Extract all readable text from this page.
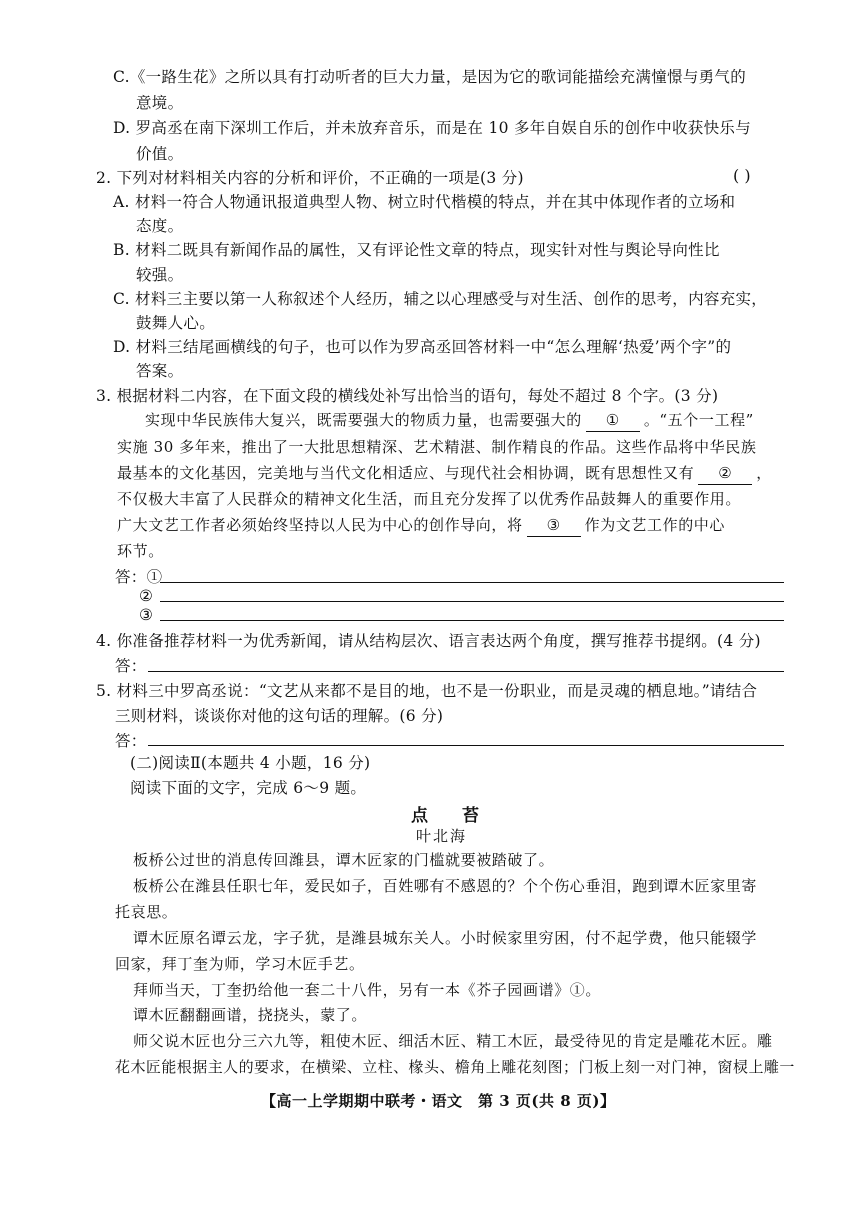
C.《一路生花》之所以具有打动听者的巨大力量，是因为它的歌词能描绘充满憧憬与勇气的
意境。
D. 罗高丞在南下深圳工作后，并未放弃音乐，而是在 10 多年自娱自乐的创作中收获快乐与
价值。
2. 下列对材料相关内容的分析和评价，不正确的一项是(3 分)	( )
A. 材料一符合人物通讯报道典型人物、树立时代楷模的特点，并在其中体现作者的立场和
态度。
B. 材料二既具有新闻作品的属性，又有评论性文章的特点，现实针对性与舆论导向性比
较强。
C. 材料三主要以第一人称叙述个人经历，辅之以心理感受与对生活、创作的思考，内容充实，
鼓舞人心。
D. 材料三结尾画横线的句子，也可以作为罗高丞回答材料一中“怎么理解‘热爱’两个字”的
答案。
3. 根据材料二内容，在下面文段的横线处补写出恰当的语句，每处不超过 8 个字。(3 分)
实现中华民族伟大复兴，既需要强大的物质力量，也需要强大的 ① 。“五个一工程”
实施 30 多年来，推出了一大批思想精深、艺术精湛、制作精良的作品。这些作品将中华民族
最基本的文化基因，完美地与当代文化相适应、与现代社会相协调，既有思想性又有 ② ，
不仅极大丰富了人民群众的精神文化生活，而且充分发挥了以优秀作品鼓舞人的重要作用。
广大文艺工作者必须始终坚持以人民为中心的创作导向，将 ③ 作为文艺工作的中心
环节。
答：①
②
③
4. 你准备推荐材料一为优秀新闻，请从结构层次、语言表达两个角度，撰写推荐书提纲。(4 分)
答：
5. 材料三中罗高丞说：“文艺从来都不是目的地，也不是一份职业，而是灵魂的栖息地。”请结合
三则材料，谈谈你对他的这句话的理解。(6 分)
答：
(二)阅读Ⅱ(本题共 4 小题，16 分)
阅读下面的文字，完成 6～9 题。
点苔
叶北海
板桥公过世的消息传回潍县，谭木匠家的门槛就要被踏破了。
板桥公在潍县任职七年，爱民如子，百姓哪有不感恩的？个个伤心垂泪，跑到谭木匠家里寄
托哀思。
谭木匠原名谭云龙，字子犹，是潍县城东关人。小时候家里穷困，付不起学费，他只能辍学
回家，拜丁奎为师，学习木匠手艺。
拜师当天，丁奎扔给他一套二十八件，另有一本《芥子园画谱》①。
谭木匠翻翻画谱，挠挠头，蒙了。
师父说木匠也分三六九等，粗使木匠、细活木匠、精工木匠，最受待见的肯定是雕花木匠。雕
花木匠能根据主人的要求，在横梁、立柱、椽头、檐角上雕花刻图；门板上刻一对门神，窗棂上雕一
【高一上学期期中联考・语文　第 3 页(共 8 页)】
